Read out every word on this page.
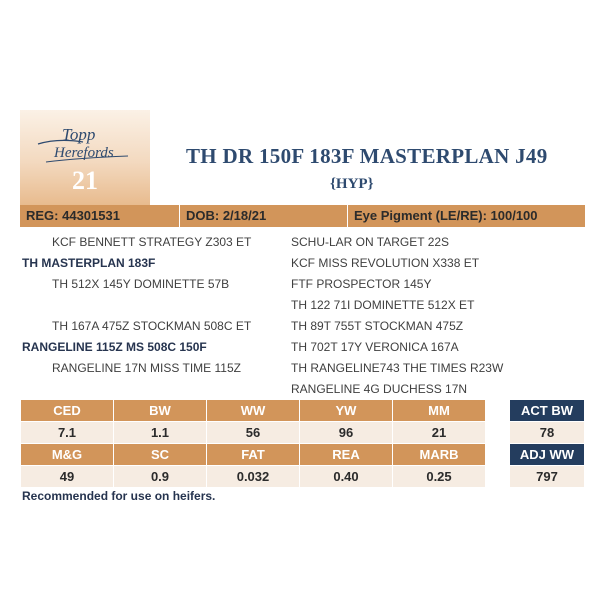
Topp
Herefords
21
TH DR 150F 183F MASTERPLAN J49
{HYP}
REG: 44301531	DOB: 2/18/21	Eye Pigment (LE/RE): 100/100
KCF BENNETT STRATEGY Z303 ET
TH MASTERPLAN 183F
TH 512X 145Y DOMINETTE 57B
TH 167A 475Z STOCKMAN 508C ET
RANGELINE 115Z MS 508C 150F
RANGELINE 17N MISS TIME 115Z
SCHU-LAR ON TARGET 22S
KCF MISS REVOLUTION X338 ET
FTF PROSPECTOR 145Y
TH 122 71I DOMINETTE 512X ET
TH 89T 755T STOCKMAN 475Z
TH 702T 17Y VERONICA 167A
TH RANGELINE743 THE TIMES R23W
RANGELINE 4G DUCHESS 17N
CED	BW	WW	YW	MM
7.1	1.1	56	96	21
M&G	SC	FAT	REA	MARB
49	0.9	0.032	0.40	0.25
ACT BW
78
ADJ WW
797
Recommended for use on heifers.
